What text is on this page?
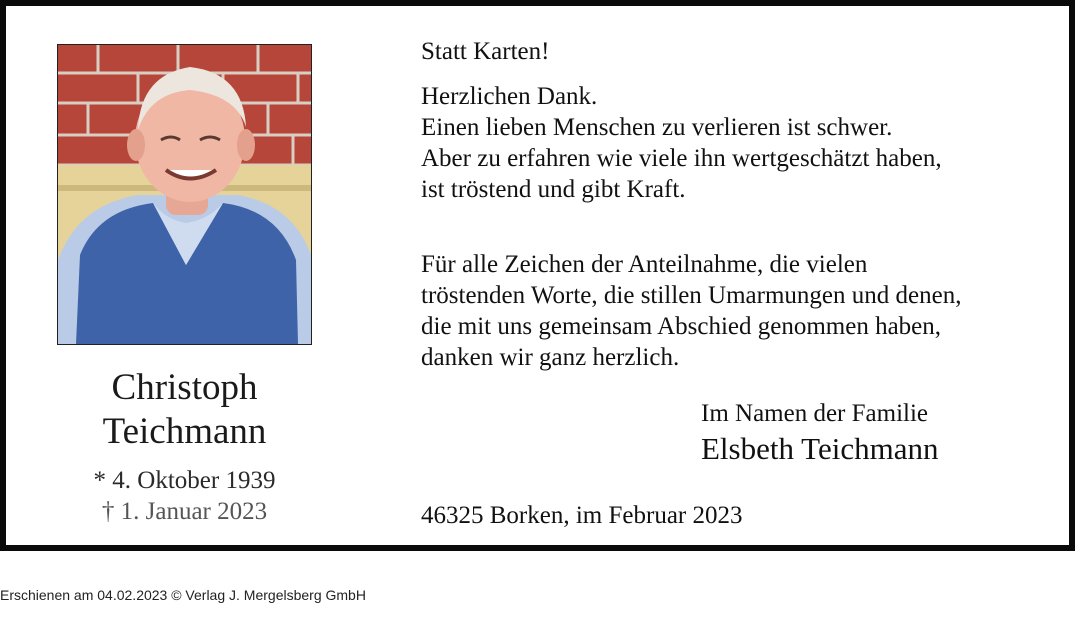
Christoph
Teichmann
* 4. Oktober 1939
† 1. Januar 2023
Statt Karten!
Herzlichen Dank.
Einen lieben Menschen zu verlieren ist schwer.
Aber zu erfahren wie viele ihn wertgeschätzt haben,
ist tröstend und gibt Kraft.
Für alle Zeichen der Anteilnahme, die vielen
tröstenden Worte, die stillen Umarmungen und denen,
die mit uns gemeinsam Abschied genommen haben,
danken wir ganz herzlich.
Im Namen der Familie
Elsbeth Teichmann
46325 Borken, im Februar 2023
Erschienen am 04.02.2023 © Verlag J. Mergelsberg GmbH
